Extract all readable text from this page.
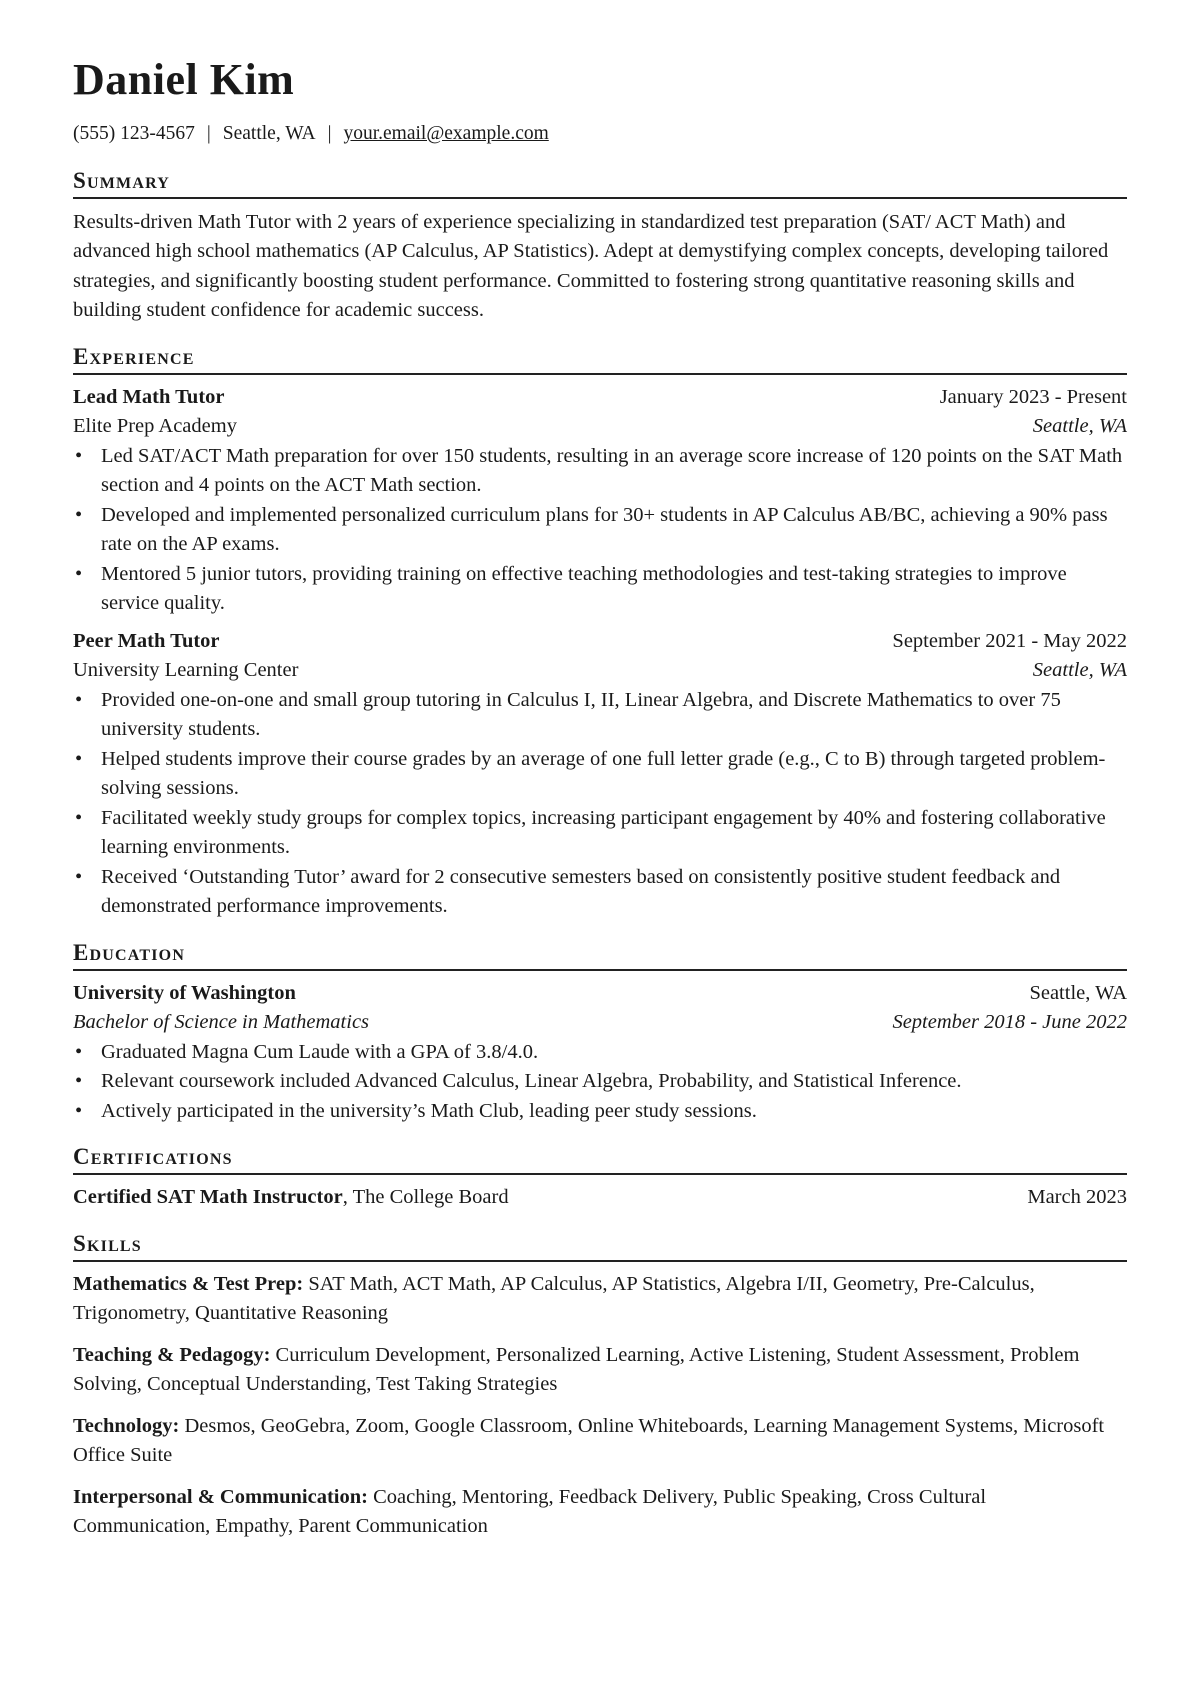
Daniel Kim
(555) 123-4567 | Seattle, WA | your.email@example.com
Summary

Results-driven Math Tutor with 2 years of experience specializing in standardized test preparation (SAT/ ACT Math) and advanced high school mathematics (AP Calculus, AP Statistics). Adept at demystifying complex concepts, developing tailored strategies, and significantly boosting student performance. Committed to fostering strong quantitative reasoning skills and building student confidence for academic success.

Experience
Lead Math Tutor	January 2023 - Present
Elite Prep Academy	Seattle, WA
• Led SAT/ACT Math preparation for over 150 students, resulting in an average score increase of 120 points on the SAT Math section and 4 points on the ACT Math section.
• Developed and implemented personalized curriculum plans for 30+ students in AP Calculus AB/BC, achieving a 90% pass rate on the AP exams.
• Mentored 5 junior tutors, providing training on effective teaching methodologies and test-taking strategies to improve service quality.
Peer Math Tutor	September 2021 - May 2022
University Learning Center	Seattle, WA
• Provided one-on-one and small group tutoring in Calculus I, II, Linear Algebra, and Discrete Mathematics to over 75 university students.
• Helped students improve their course grades by an average of one full letter grade (e.g., C to B) through targeted problem-solving sessions.
• Facilitated weekly study groups for complex topics, increasing participant engagement by 40% and fostering collaborative learning environments.
• Received ‘Outstanding Tutor’ award for 2 consecutive semesters based on consistently positive student feedback and demonstrated performance improvements.
Education
University of Washington	Seattle, WA
Bachelor of Science in Mathematics	September 2018 - June 2022
• Graduated Magna Cum Laude with a GPA of 3.8/4.0.
• Relevant coursework included Advanced Calculus, Linear Algebra, Probability, and Statistical Inference.
• Actively participated in the university’s Math Club, leading peer study sessions.
Certifications
Certified SAT Math Instructor, The College Board	March 2023
Skills
Mathematics & Test Prep: SAT Math, ACT Math, AP Calculus, AP Statistics, Algebra I/II, Geometry, Pre-Calculus, Trigonometry, Quantitative Reasoning
Teaching & Pedagogy: Curriculum Development, Personalized Learning, Active Listening, Student Assessment, Problem Solving, Conceptual Understanding, Test Taking Strategies
Technology: Desmos, GeoGebra, Zoom, Google Classroom, Online Whiteboards, Learning Management Systems, Microsoft Office Suite
Interpersonal & Communication: Coaching, Mentoring, Feedback Delivery, Public Speaking, Cross Cultural Communication, Empathy, Parent Communication
